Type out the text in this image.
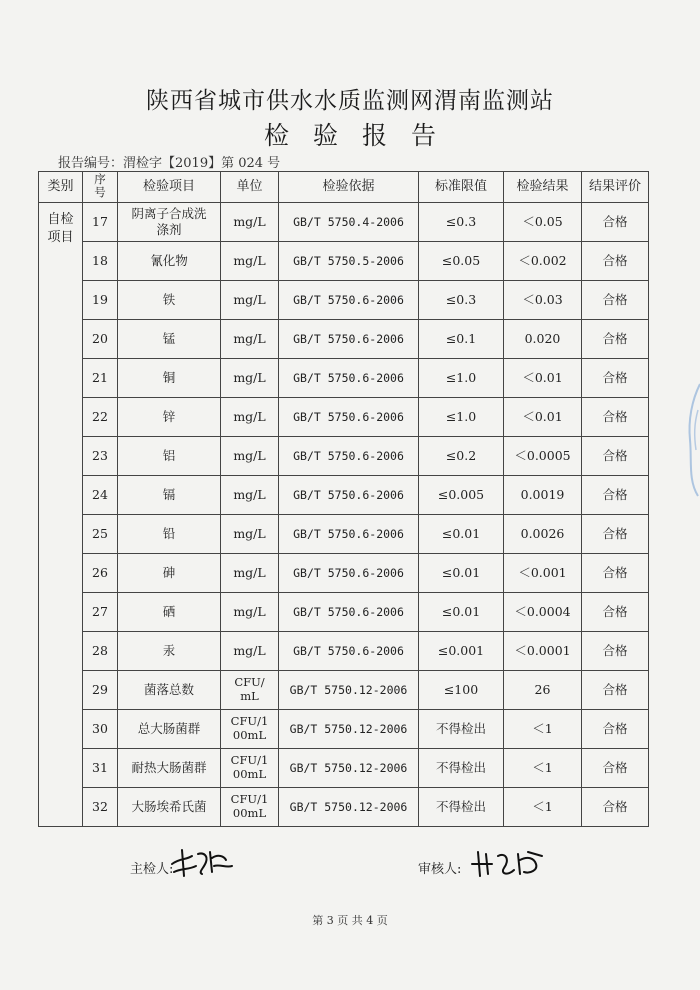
陕西省城市供水水质监测网渭南监测站
检验报告
报告编号：渭检字【2019】第 024 号
类别	序号	检验项目	单位	检验依据	标准限值	检验结果	结果评价
自检项目	17	阴离子合成洗涤剂	mg/L	GB/T 5750.4-2006	≤0.3	＜0.05	合格
	18	氰化物	mg/L	GB/T 5750.5-2006	≤0.05	＜0.002	合格
	19	铁	mg/L	GB/T 5750.6-2006	≤0.3	＜0.03	合格
	20	锰	mg/L	GB/T 5750.6-2006	≤0.1	0.020	合格
	21	铜	mg/L	GB/T 5750.6-2006	≤1.0	＜0.01	合格
	22	锌	mg/L	GB/T 5750.6-2006	≤1.0	＜0.01	合格
	23	铝	mg/L	GB/T 5750.6-2006	≤0.2	＜0.0005	合格
	24	镉	mg/L	GB/T 5750.6-2006	≤0.005	0.0019	合格
	25	铅	mg/L	GB/T 5750.6-2006	≤0.01	0.0026	合格
	26	砷	mg/L	GB/T 5750.6-2006	≤0.01	＜0.001	合格
	27	硒	mg/L	GB/T 5750.6-2006	≤0.01	＜0.0004	合格
	28	汞	mg/L	GB/T 5750.6-2006	≤0.001	＜0.0001	合格
	29	菌落总数	CFU/mL	GB/T 5750.12-2006	≤100	26	合格
	30	总大肠菌群	CFU/100mL	GB/T 5750.12-2006	不得检出	＜1	合格
	31	耐热大肠菌群	CFU/100mL	GB/T 5750.12-2006	不得检出	＜1	合格
	32	大肠埃希氏菌	CFU/100mL	GB/T 5750.12-2006	不得检出	＜1	合格
主检人:	审核人:
第 3 页 共 4 页
